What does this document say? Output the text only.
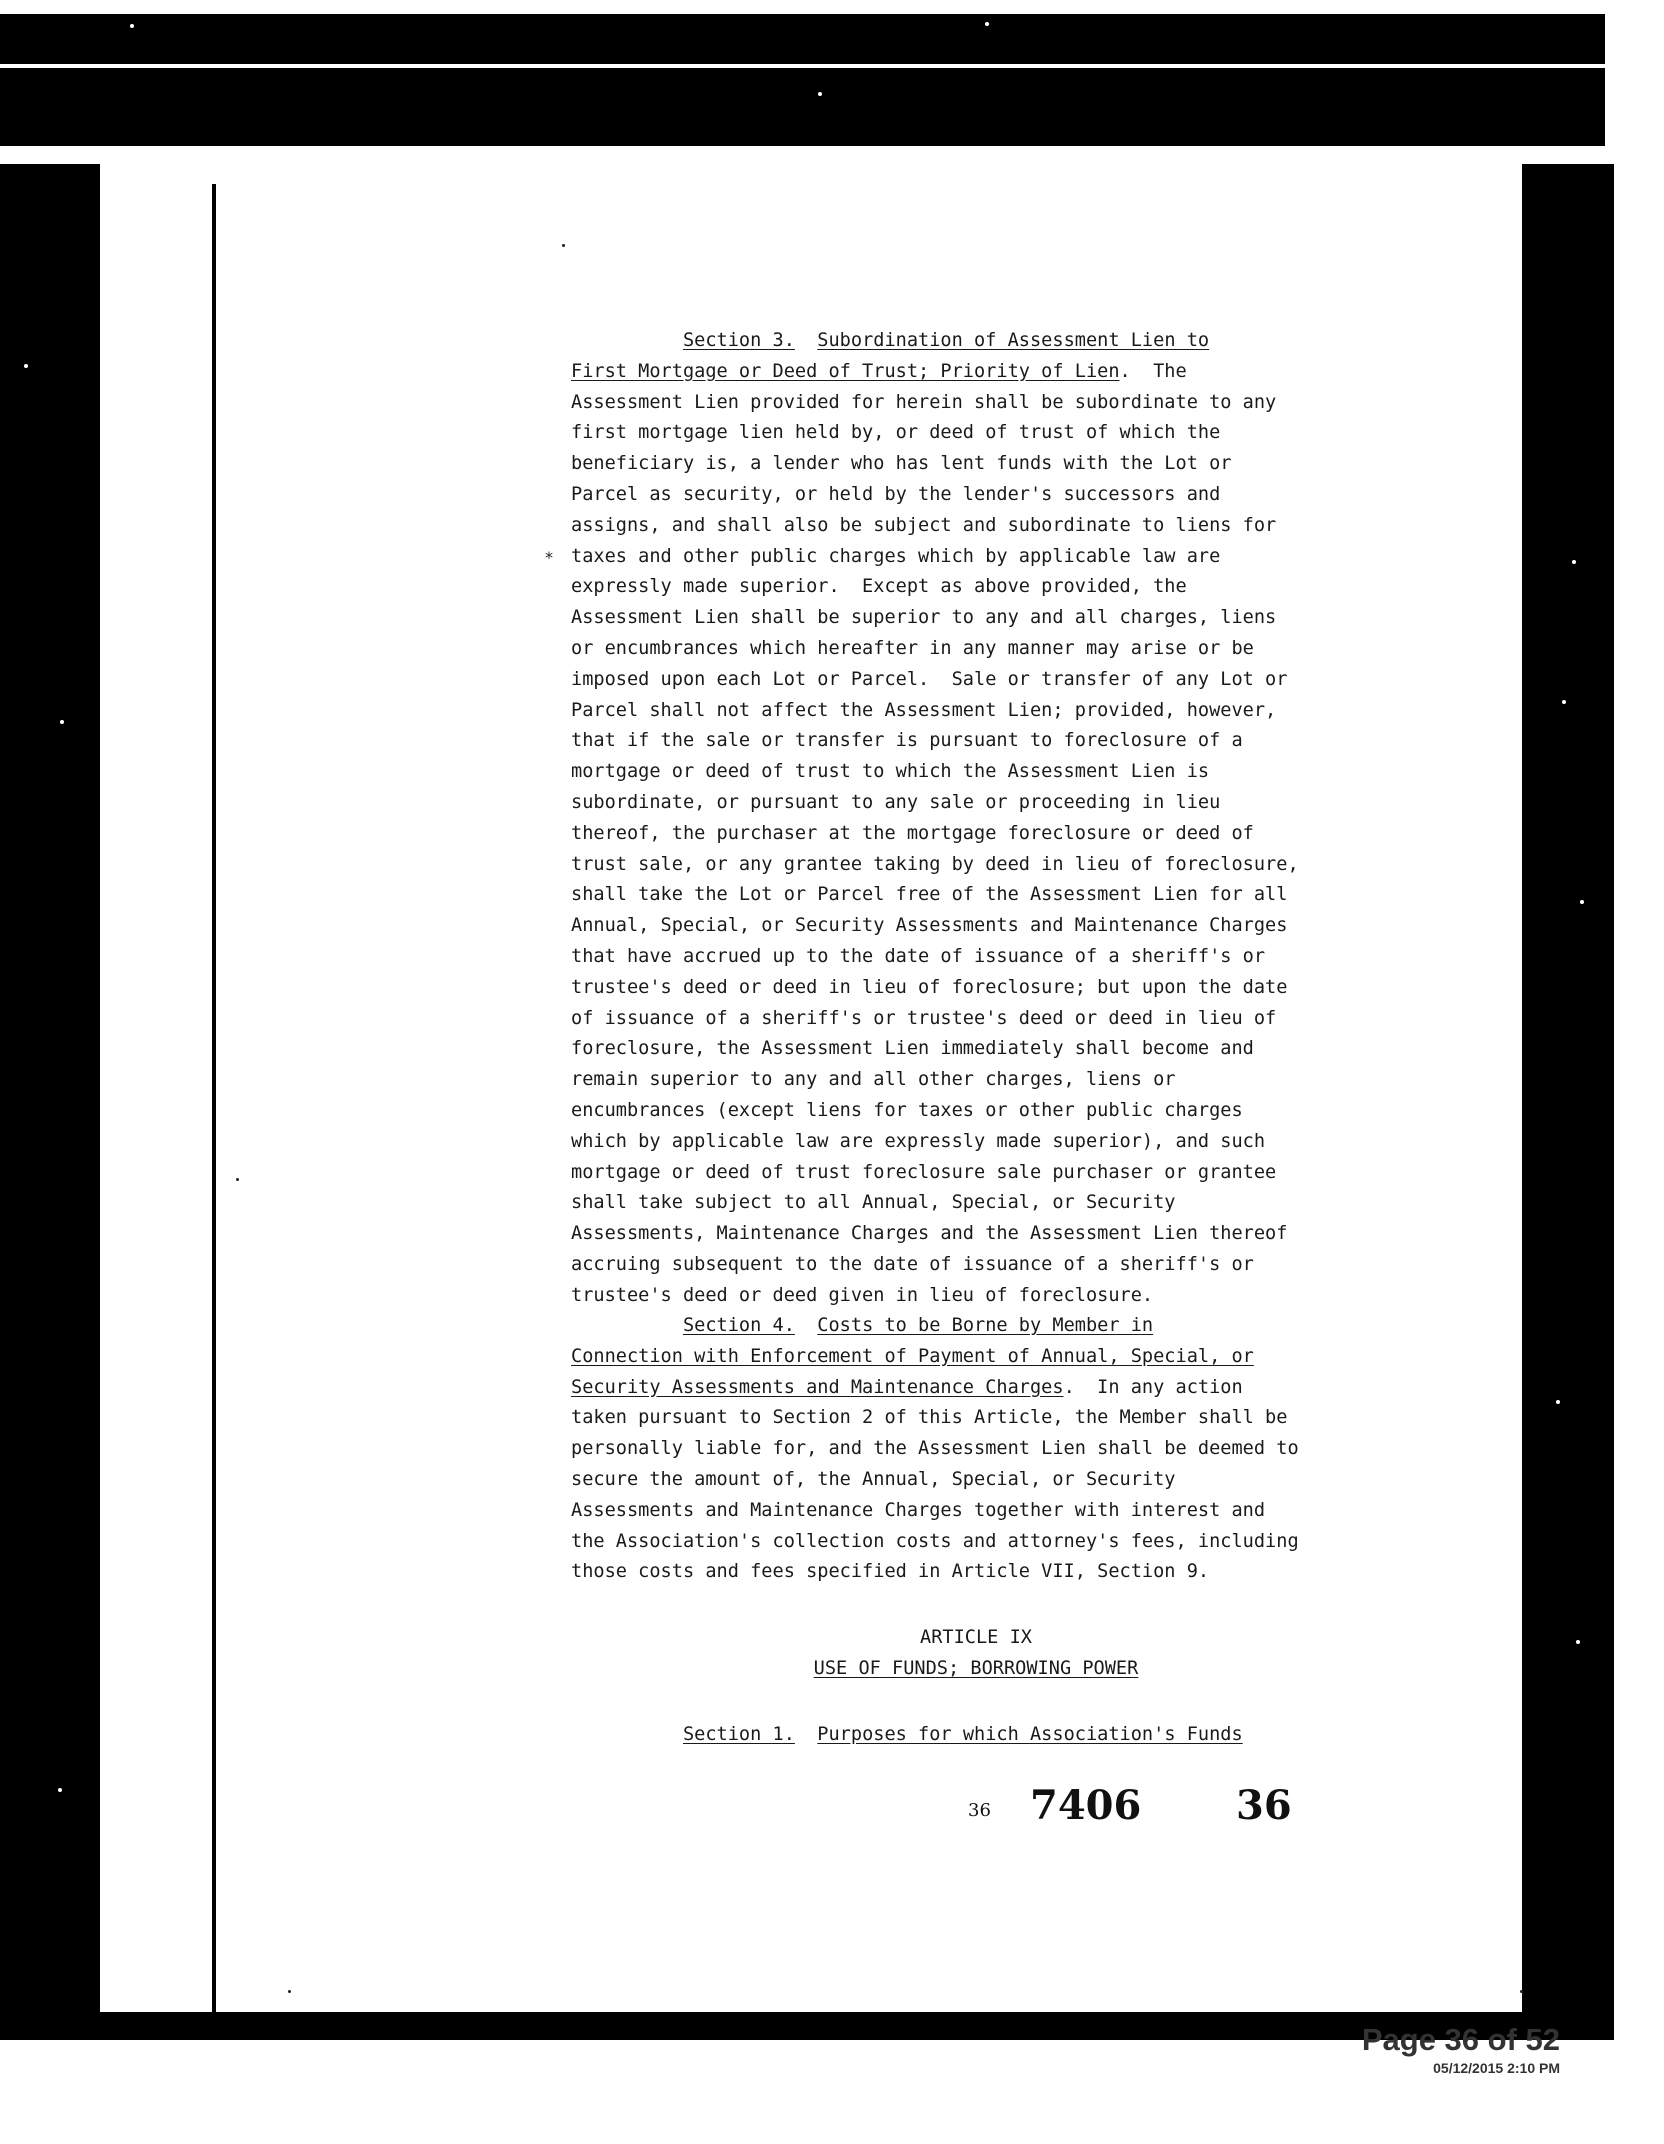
*
Section 3. Subordination of Assessment Lien to
First Mortgage or Deed of Trust; Priority of Lien.  The
Assessment Lien provided for herein shall be subordinate to any
first mortgage lien held by, or deed of trust of which the
beneficiary is, a lender who has lent funds with the Lot or
Parcel as security, or held by the lender's successors and
assigns, and shall also be subject and subordinate to liens for
taxes and other public charges which by applicable law are
expressly made superior.  Except as above provided, the
Assessment Lien shall be superior to any and all charges, liens
or encumbrances which hereafter in any manner may arise or be
imposed upon each Lot or Parcel.  Sale or transfer of any Lot or
Parcel shall not affect the Assessment Lien; provided, however,
that if the sale or transfer is pursuant to foreclosure of a
mortgage or deed of trust to which the Assessment Lien is
subordinate, or pursuant to any sale or proceeding in lieu
thereof, the purchaser at the mortgage foreclosure or deed of
trust sale, or any grantee taking by deed in lieu of foreclosure,
shall take the Lot or Parcel free of the Assessment Lien for all
Annual, Special, or Security Assessments and Maintenance Charges
that have accrued up to the date of issuance of a sheriff's or
trustee's deed or deed in lieu of foreclosure; but upon the date
of issuance of a sheriff's or trustee's deed or deed in lieu of
foreclosure, the Assessment Lien immediately shall become and
remain superior to any and all other charges, liens or
encumbrances (except liens for taxes or other public charges
which by applicable law are expressly made superior), and such
mortgage or deed of trust foreclosure sale purchaser or grantee
shall take subject to all Annual, Special, or Security
Assessments, Maintenance Charges and the Assessment Lien thereof
accruing subsequent to the date of issuance of a sheriff's or
trustee's deed or deed given in lieu of foreclosure.
Section 4. Costs to be Borne by Member in
Connection with Enforcement of Payment of Annual, Special, or
Security Assessments and Maintenance Charges.  In any action
taken pursuant to Section 2 of this Article, the Member shall be
personally liable for, and the Assessment Lien shall be deemed to
secure the amount of, the Annual, Special, or Security
Assessments and Maintenance Charges together with interest and
the Association's collection costs and attorney's fees, including
those costs and fees specified in Article VII, Section 9.
ARTICLE IX
USE OF FUNDS; BORROWING POWER
Section 1. Purposes for which Association's Funds
36 7406 36
Page 36 of 52
05/12/2015 2:10 PM
